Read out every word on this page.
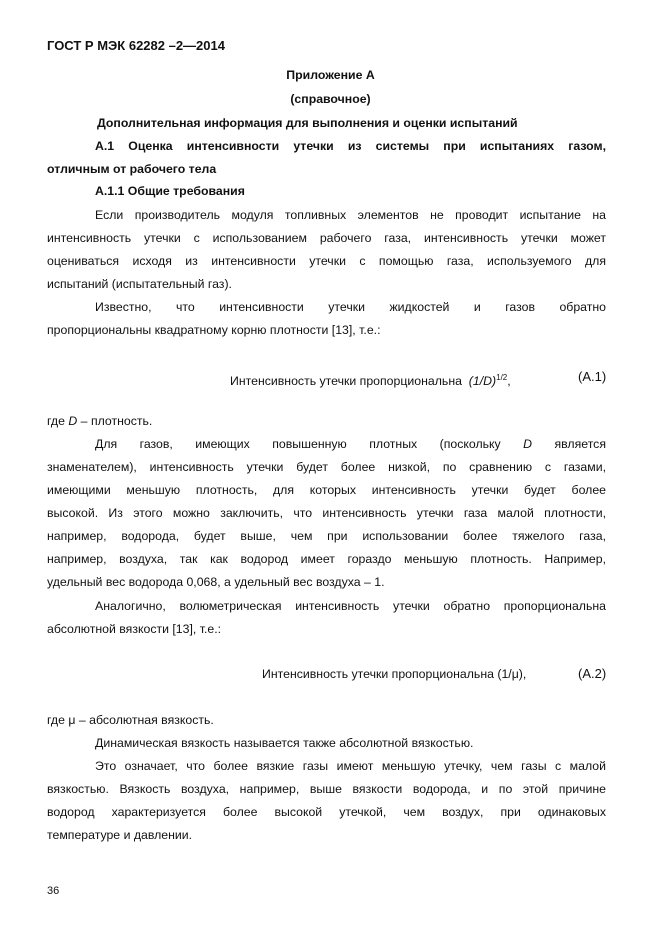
ГОСТ Р МЭК 62282 –2—2014
Приложение А
(справочное)
Дополнительная информация для выполнения и оценки испытаний
А.1 Оценка интенсивности утечки из системы при испытаниях газом,
отличным от рабочего тела
А.1.1 Общие требования
Если производитель модуля топливных элементов не проводит испытание на
интенсивность утечки с использованием рабочего газа, интенсивность утечки может
оцениваться исходя из интенсивности утечки с помощью газа, используемого для
испытаний (испытательный газ).
Известно, что интенсивности утечки жидкостей и газов обратно
пропорциональны квадратному корню плотности [13], т.е.:
Интенсивность утечки пропорциональна $(1/D)^{1/2}$,	(А.1)
где D – плотность.
Для газов, имеющих повышенную плотных (поскольку D является
знаменателем), интенсивность утечки будет более низкой, по сравнению с газами,
имеющими меньшую плотность, для которых интенсивность утечки будет более
высокой. Из этого можно заключить, что интенсивность утечки газа малой плотности,
например, водорода, будет выше, чем при использовании более тяжелого газа,
например, воздуха, так как водород имеет гораздо меньшую плотность. Например,
удельный вес водорода 0,068, а удельный вес воздуха – 1.
Аналогично, волюметрическая интенсивность утечки обратно пропорциональна
абсолютной вязкости [13], т.е.:
Интенсивность утечки пропорциональна (1/μ),	(А.2)
где μ – абсолютная вязкость.
Динамическая вязкость называется также абсолютной вязкостью.
Это означает, что более вязкие газы имеют меньшую утечку, чем газы с малой
вязкостью. Вязкость воздуха, например, выше вязкости водорода, и по этой причине
водород характеризуется более высокой утечкой, чем воздух, при одинаковых
температуре и давлении.
36
